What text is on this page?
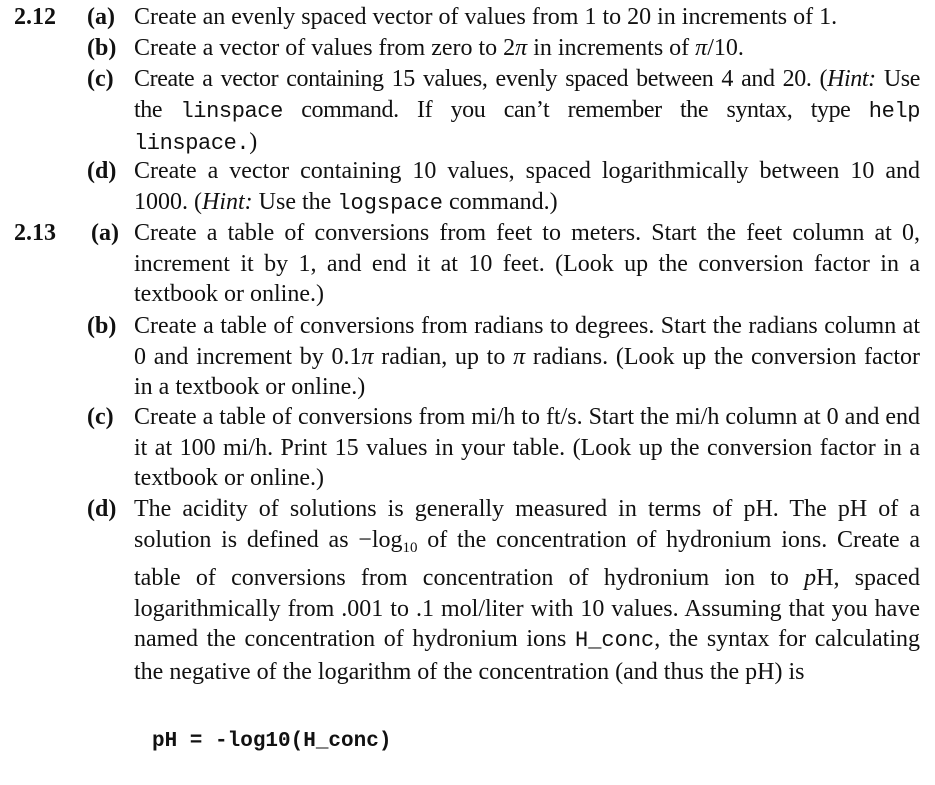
2.12 (a) Create an evenly spaced vector of values from 1 to 20 in increments of 1.
(b) Create a vector of values from zero to 2π in increments of π/10.
(c) Create a vector containing 15 values, evenly spaced between 4 and 20. (Hint: Use the linspace command. If you can’t remember the syntax, type help linspace.)
(d) Create a vector containing 10 values, spaced logarithmically between 10 and 1000. (Hint: Use the logspace command.)
2.13 (a) Create a table of conversions from feet to meters. Start the feet column at 0, increment it by 1, and end it at 10 feet. (Look up the conversion factor in a textbook or online.)
(b) Create a table of conversions from radians to degrees. Start the radians column at 0 and increment by 0.1π radian, up to π radians. (Look up the conversion factor in a textbook or online.)
(c) Create a table of conversions from mi/h to ft/s. Start the mi/h column at 0 and end it at 100 mi/h. Print 15 values in your table. (Look up the conversion factor in a textbook or online.)
(d) The acidity of solutions is generally measured in terms of pH. The pH of a solution is defined as $-\log_{10}$ of the concentration of hydronium ions. Create a table of conversions from concentration of hydronium ion to pH, spaced logarithmically from .001 to .1 mol/liter with 10 values. Assuming that you have named the concentration of hydronium ions H_conc, the syntax for calculating the negative of the logarithm of the concentration (and thus the pH) is
pH = -log10(H_conc)
